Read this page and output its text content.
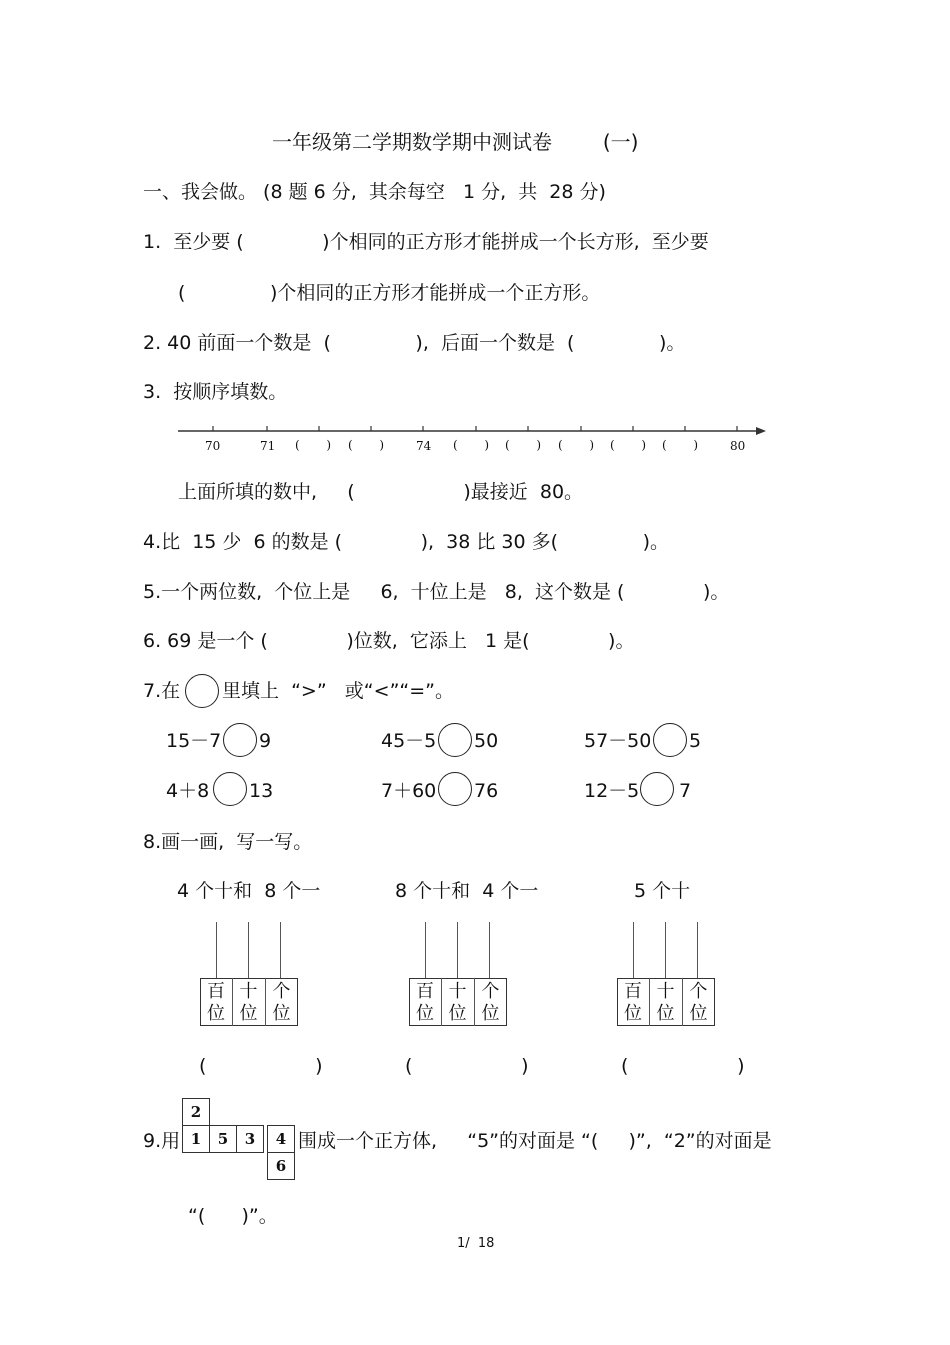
一年级第二学期数学期中测试卷        (一)
一、我会做。 (8 题 6 分,  其余每空   1 分,  共  28 分)
1.  至少要 (             )个相同的正方形才能拼成一个长方形,  至少要
(              )个相同的正方形才能拼成一个正方形。
2. 40 前面一个数是  (              ),  后面一个数是  (              )。
3.  按顺序填数。
70	71 (       ) (       )	74 (       ) (       ) (       ) (       ) (       )	80
上面所填的数中,     (                  )最接近  80。
4.比  15 少  6 的数是 (             ),  38 比 30 多(              )。
5.一个两位数,  个位上是     6,  十位上是   8,  这个数是 (             )。
6. 69 是一个 (             )位数,  它添上   1 是(             )。
7.在 里填上  “>”   或“<”“=”。
15－7 9	45－5 50	57－50 5
4＋8 13	7＋60 76	12－5 7
8.画一画,  写一写。
4 个十和  8 个一	8 个十和  4 个一	5 个十
百
位
十
位
个
位
百
位
十
位
个
位
百
位
十
位
个
位
(                  )	(                  )	(                  )
9.用
2
1	5	3	4
6
围成一个正方体,     “5”的对面是 “(     )”,  “2”的对面是
“(      )”。
1/  18
